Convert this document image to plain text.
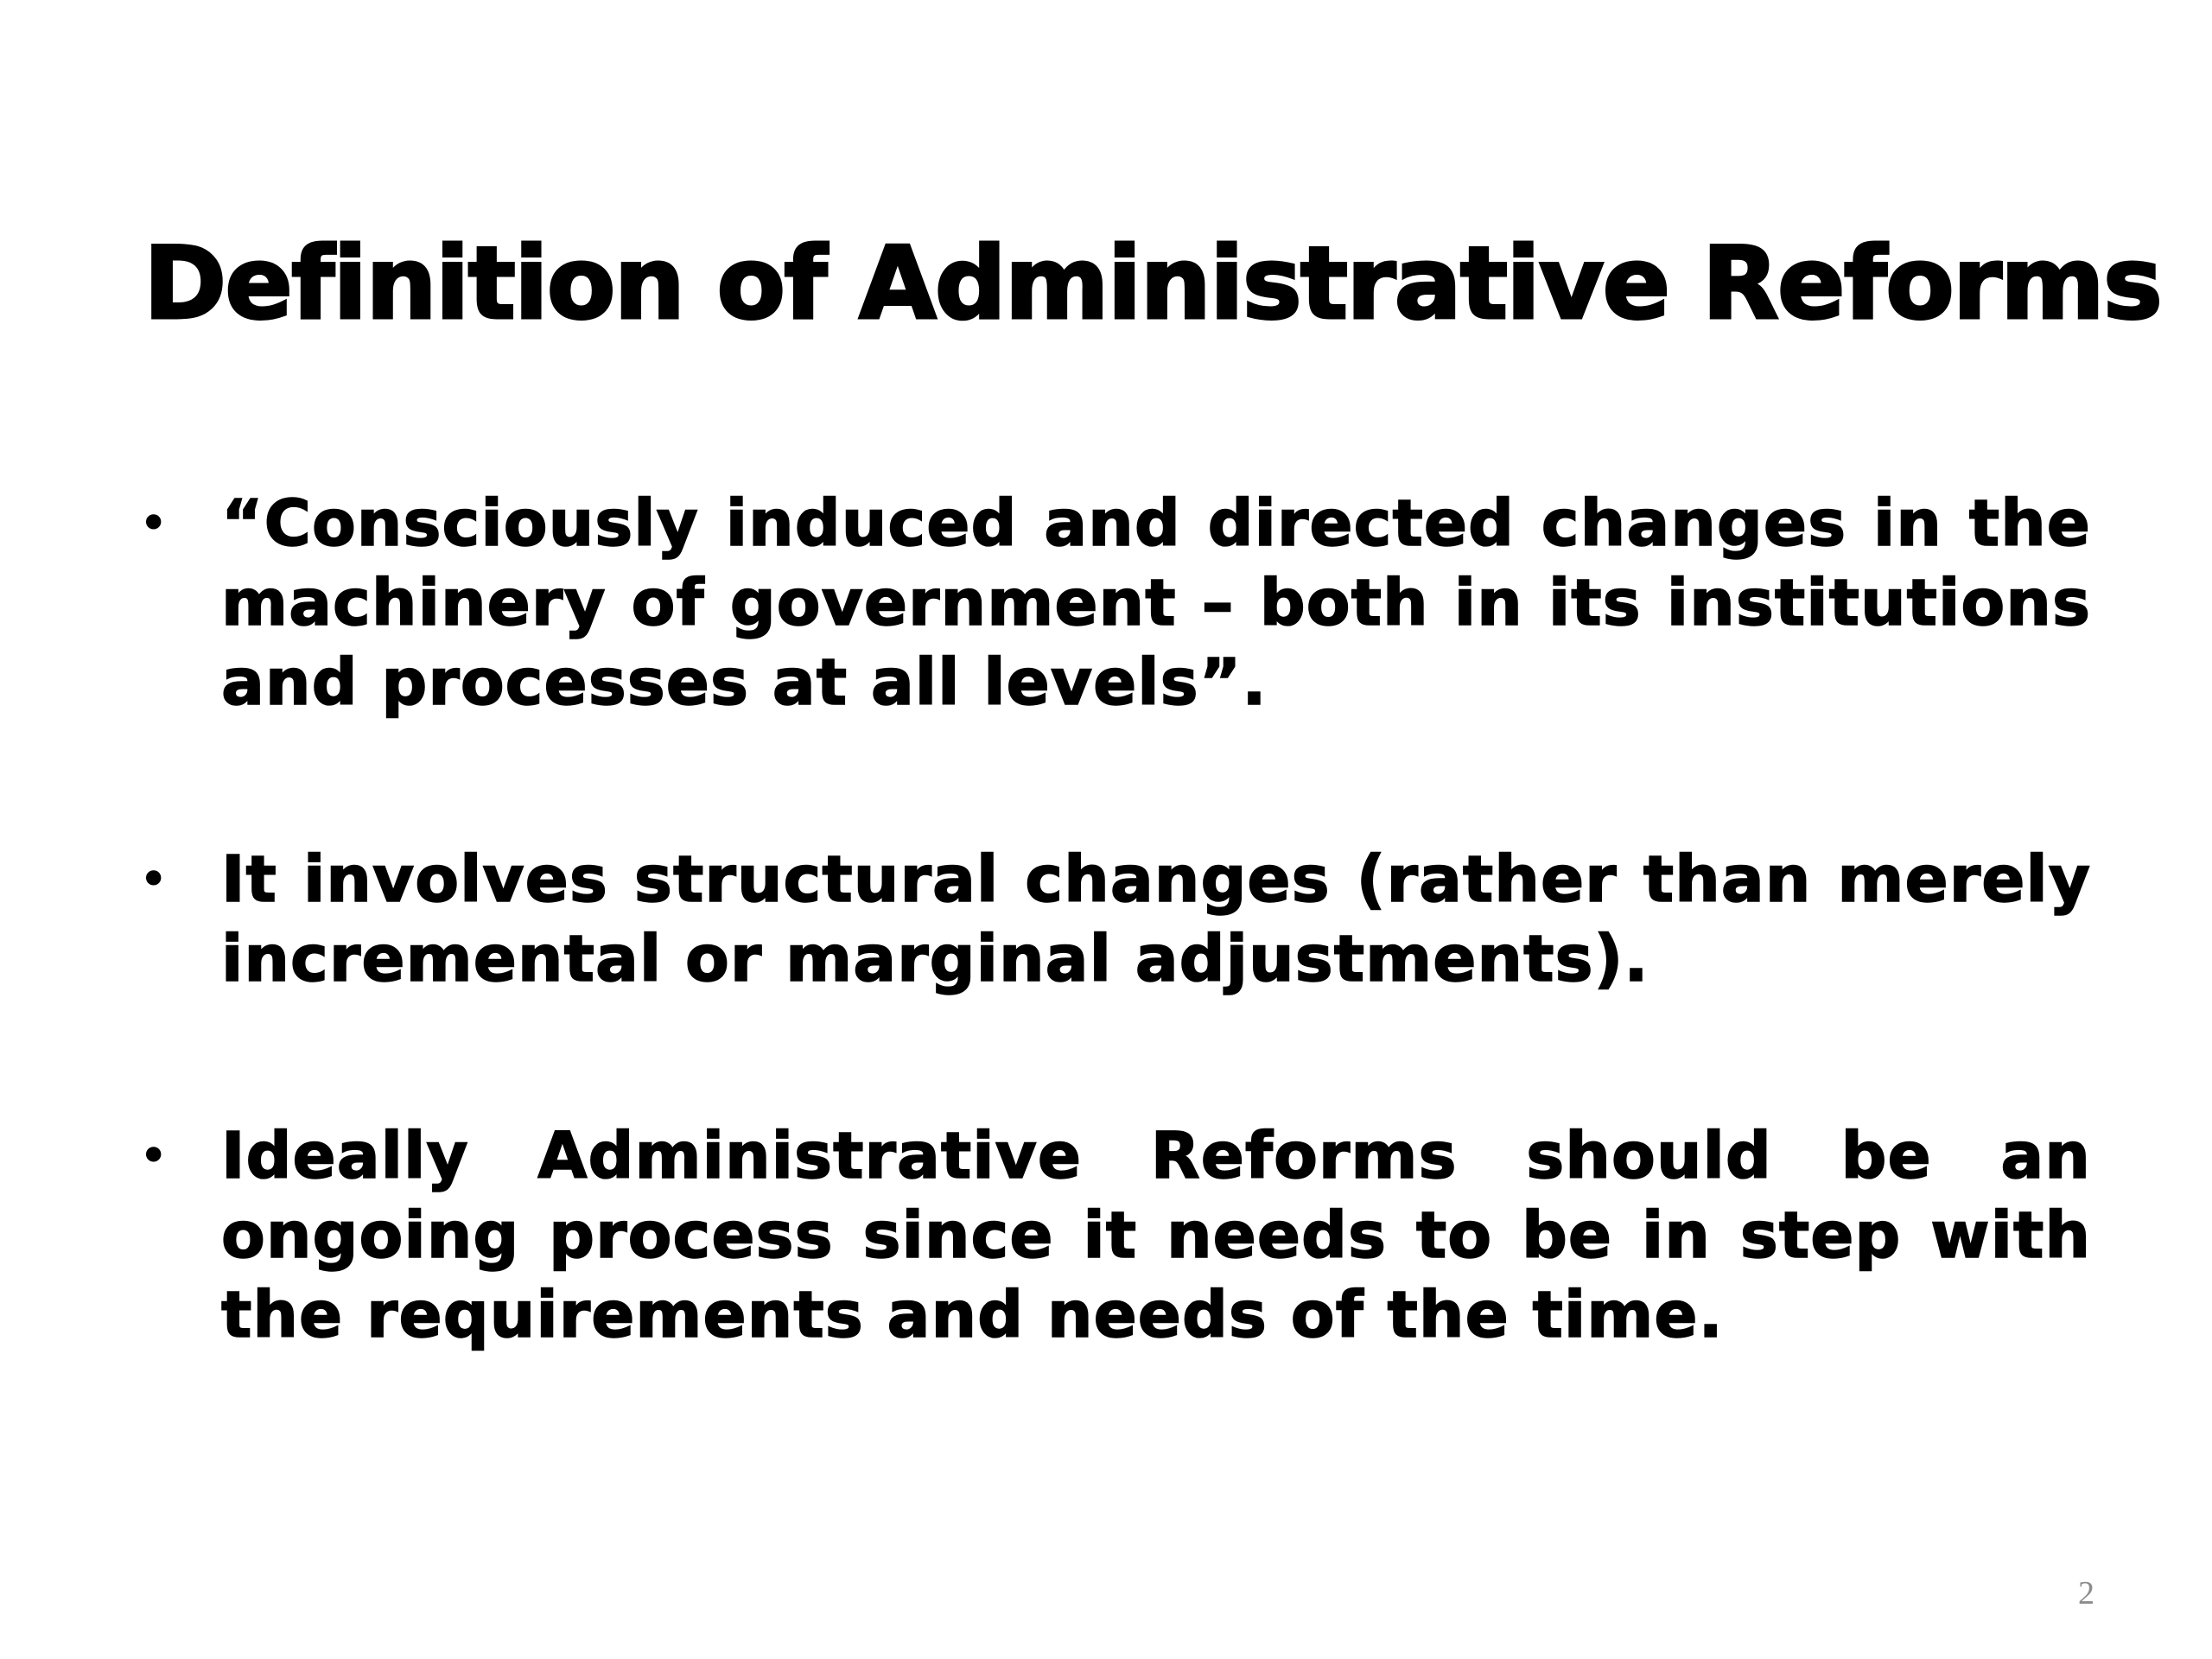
Definition of Administrative Reforms
• “Consciously induced and directed changes in the machinery of government – both in its institutions and processes at all levels”.
• It involves structural changes (rather than merely incremental or marginal adjustments).
• Ideally Administrative Reforms should be an ongoing process since it needs to be in step with the requirements and needs of the time.
2
